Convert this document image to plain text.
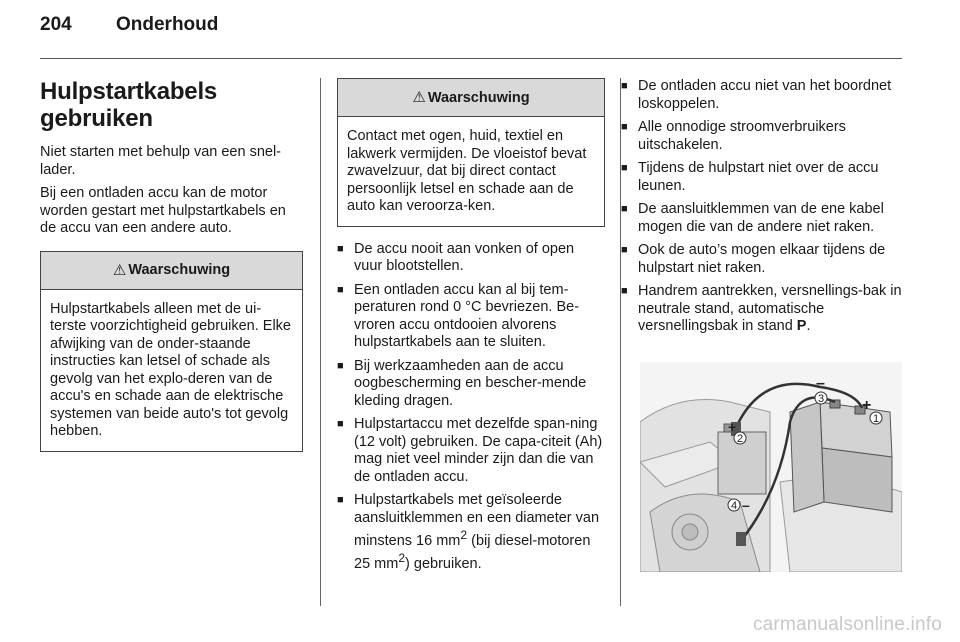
204	Onderhoud
Hulpstartkabels
gebruiken

Niet starten met behulp van een snel-lader.

Bij een ontladen accu kan de motor worden gestart met hulpstartkabels en de accu van een andere auto.

⚠ Waarschuwing
Hulpstartkabels alleen met de ui-terste voorzichtigheid gebruiken. Elke afwijking van de onder-staande instructies kan letsel of schade als gevolg van het explo-deren van de accu's en schade aan de elektrische systemen van beide auto's tot gevolg hebben.
⚠ Waarschuwing
Contact met ogen, huid, textiel en lakwerk vermijden. De vloeistof bevat zwavelzuur, dat bij direct contact persoonlijk letsel en schade aan de auto kan veroorza-ken.
■ De accu nooit aan vonken of open vuur blootstellen.
■ Een ontladen accu kan al bij tem-peraturen rond 0 °C bevriezen. Be-vroren accu ontdooien alvorens hulpstartkabels aan te sluiten.
■ Bij werkzaamheden aan de accu oogbescherming en bescher-mende kleding dragen.
■ Hulpstartaccu met dezelfde span-ning (12 volt) gebruiken. De capa-citeit (Ah) mag niet veel minder zijn dan die van de ontladen accu.
■ Hulpstartkabels met geïsoleerde aansluitklemmen en een diameter van minstens 16 $mm^2$ (bij diesel-motoren 25 $mm^2$) gebruiken.
■ De ontladen accu niet van het boordnet loskoppelen.
■ Alle onnodige stroomverbruikers uitschakelen.
■ Tijdens de hulpstart niet over de accu leunen.
■ De aansluitklemmen van de ene kabel mogen die van de andere niet raken.
■ Ook de auto’s mogen elkaar tijdens de hulpstart niet raken.
■ Handrem aantrekken, versnellings-bak in neutrale stand, automatische versnellingsbak in stand P.
1
2
3
4
+
–
+
–
carmanualsonline.info
